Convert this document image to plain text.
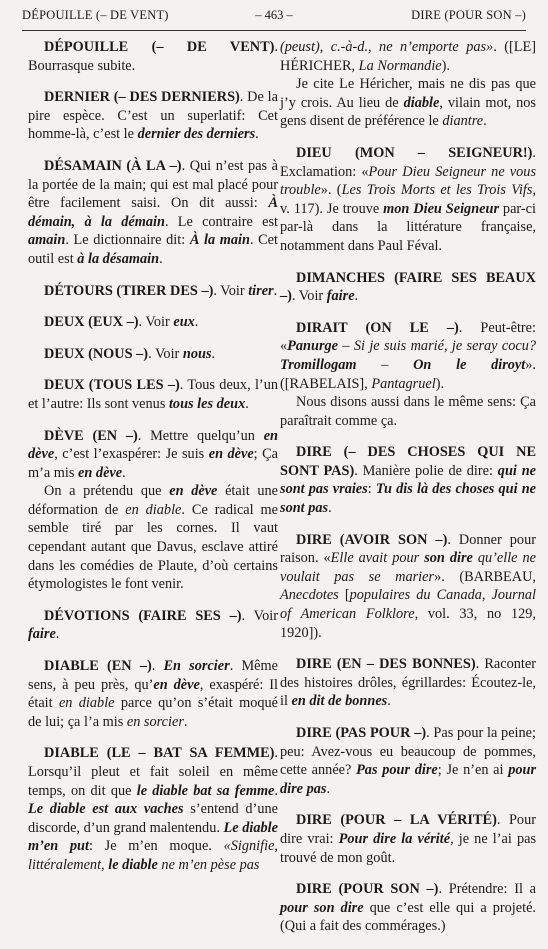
DÉPOUILLE (– DE VENT)	– 463 –	DIRE (POUR SON –)
DÉPOUILLE (– DE VENT). Bourrasque subite.
DERNIER (– DES DERNIERS). De la pire espèce. C’est un superlatif: Cet homme-là, c’est le dernier des derniers.
DÉSAMAIN (À LA –). Qui n’est pas à la portée de la main; qui est mal placé pour être facilement saisi. On dit aussi: À démain, à la démain. Le contraire est amain. Le dictionnaire dit: À la main. Cet outil est à la désamain.
DÉTOURS (TIRER DES –). Voir tirer.
DEUX (EUX –). Voir eux.
DEUX (NOUS –). Voir nous.
DEUX (TOUS LES –). Tous deux, l’un et l’autre: Ils sont venus tous les deux.
DÈVE (EN –). Mettre quelqu’un en dève, c’est l’exaspérer: Je suis en dève; Ça m’a mis en dève.
On a prétendu que en dève était une déformation de en diable. Ce radical me semble tiré par les cornes. Il vaut cependant autant que Davus, esclave attiré dans les comédies de Plaute, d’où certains étymologistes le font venir.
DÉVOTIONS (FAIRE SES –). Voir faire.
DIABLE (EN –). En sorcier. Même sens, à peu près, qu’en dève, exaspéré: Il était en diable parce qu’on s’était moqué de lui; ça l’a mis en sorcier.
DIABLE (LE – BAT SA FEMME). Lorsqu’il pleut et fait soleil en même temps, on dit que le diable bat sa femme. Le diable est aux vaches s’entend d’une discorde, d’un grand malentendu. Le diable m’en put: Je m’en moque. «Signifie, littéralement, le diable ne m’en pèse pas
(peust), c.-à-d., ne n’emporte pas». ([LE] HÉRICHER, La Normandie).
Je cite Le Héricher, mais ne dis pas que j’y crois. Au lieu de diable, vilain mot, nos gens disent de préférence le diantre.
DIEU (MON – SEIGNEUR!). Exclamation: «Pour Dieu Seigneur ne vous trouble». (Les Trois Morts et les Trois Vifs, v. 117). Je trouve mon Dieu Seigneur par-ci par-là dans la littérature française, notamment dans Paul Féval.
DIMANCHES (FAIRE SES BEAUX –). Voir faire.
DIRAIT (ON LE –). Peut-être: «Panurge – Si je suis marié, je seray cocu? Tromillogam – On le diroyt». ([RABELAIS], Pantagruel).
Nous disons aussi dans le même sens: Ça paraîtrait comme ça.
DIRE (– DES CHOSES QUI NE SONT PAS). Manière polie de dire: qui ne sont pas vraies: Tu dis là des choses qui ne sont pas.
DIRE (AVOIR SON –). Donner pour raison. «Elle avait pour son dire qu’elle ne voulait pas se marier». (BARBEAU, Anecdotes [populaires du Canada, Journal of American Folklore, vol. 33, no 129, 1920]).
DIRE (EN – DES BONNES). Raconter des histoires drôles, égrillardes: Écoutez-le, il en dit de bonnes.
DIRE (PAS POUR –). Pas pour la peine; peu: Avez-vous eu beaucoup de pommes, cette année? Pas pour dire; Je n’en ai pour dire pas.
DIRE (POUR – LA VÉRITÉ). Pour dire vrai: Pour dire la vérité, je ne l’ai pas trouvé de mon goût.
DIRE (POUR SON –). Prétendre: Il a pour son dire que c’est elle qui a projeté. (Qui a fait des commérages.)
